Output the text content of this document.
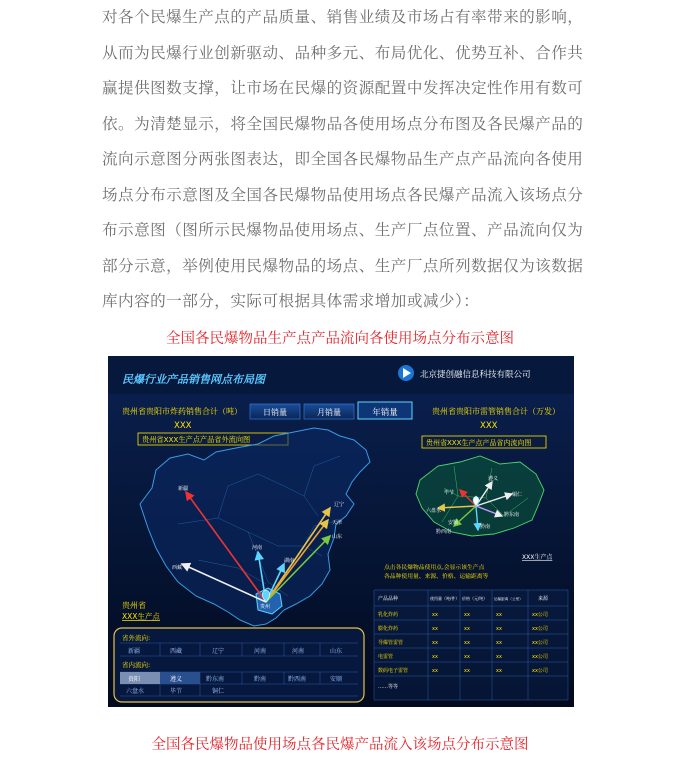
对各个民爆生产点的产品质量、销售业绩及市场占有率带来的影响，
从而为民爆行业创新驱动、品种多元、布局优化、优势互补、合作共
赢提供图数支撑，让市场在民爆的资源配置中发挥决定性作用有数可
依。为清楚显示，将全国民爆物品各使用场点分布图及各民爆产品的
流向示意图分两张图表达，即全国各民爆物品生产点产品流向各使用
场点分布示意图及全国各民爆物品使用场点各民爆产品流入该场点分
布示意图（图所示民爆物品使用场点、生产厂点位置、产品流向仅为
部分示意，举例使用民爆物品的场点、生产厂点所列数据仅为该数据
库内容的一部分，实际可根据具体需求增加或减少）：
全国各民爆物品生产点产品流向各使用场点分布示意图
民爆行业产品销售网点布局图	北京捷创融信息科技有限公司
贵州省贵阳市炸药销售合计（吨）
XXX
日销量	月销量	年销量	贵州省贵阳市雷管销售合计（万发）
XXX
贵州省XXX生产点产品省外流向图	贵州省XXX生产点产品省内流向图
新疆
西藏
辽宁
天津
山东
河南
湖南
贵州
贵州省
XXX生产点
遵义
毕节	铜仁
六盘水
安顺
黔南
黔东南
黔西南
XXX生产点
点击各民爆物品使用点,会显示该生产点
各品种使用量、来源、价格、运输距离等
产品品种	使用量（吨/件） 价格（元/吨） 运输距离（公里）	来源
乳化炸药	xx	xx	xx	xx公司
膨化炸药	xx	xx	xx	xx公司
导爆管雷管	xx	xx	xx	xx公司
电雷管	xx	xx	xx	xx公司
数码电子雷管	xx	xx	xx	xx公司
……等等
省外流向:
新疆	西藏	辽宁	河南	河南	山东
省内流向:
贵阳	遵义	黔东南	黔南	黔西南	安顺
六盘水	毕节	铜仁
全国各民爆物品使用场点各民爆产品流入该场点分布示意图
